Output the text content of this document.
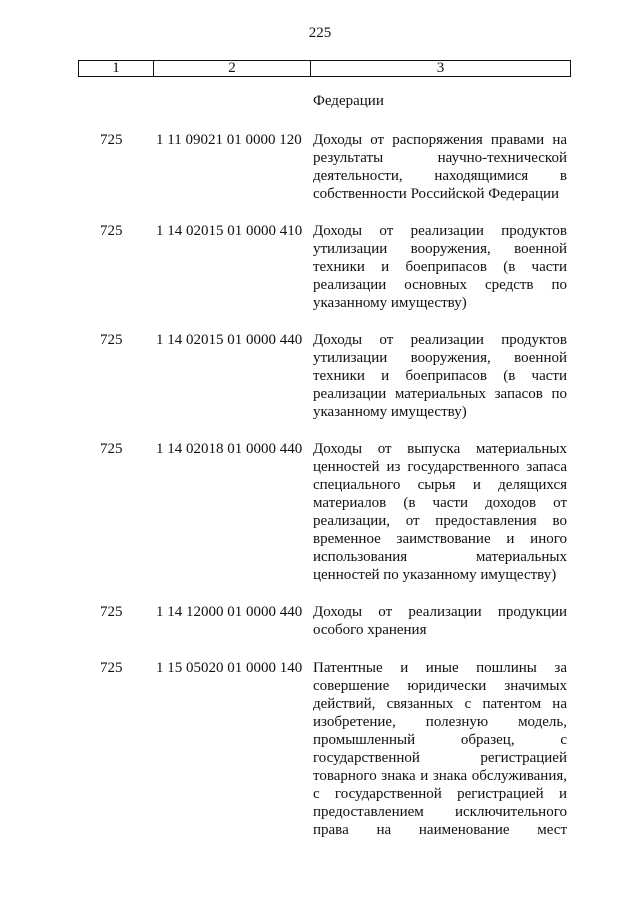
225
1	2	3
Федерации
725 1 11 09021 01 0000 120 Доходы от распоряжения правами на
результаты научно-технической
деятельности, находящимися в
собственности Российской Федерации
725 1 14 02015 01 0000 410 Доходы от реализации продуктов
утилизации вооружения, военной
техники и боеприпасов (в части
реализации основных средств по
указанному имуществу)
725 1 14 02015 01 0000 440 Доходы от реализации продуктов
утилизации вооружения, военной
техники и боеприпасов (в части
реализации материальных запасов по
указанному имуществу)
725 1 14 02018 01 0000 440 Доходы от выпуска материальных
ценностей из государственного запаса
специального сырья и делящихся
материалов (в части доходов от
реализации, от предоставления во
временное заимствование и иного
использования материальных
ценностей по указанному имуществу)
725 1 14 12000 01 0000 440 Доходы от реализации продукции
особого хранения
725 1 15 05020 01 0000 140 Патентные и иные пошлины за
совершение юридически значимых
действий, связанных с патентом на
изобретение, полезную модель,
промышленный образец, с
государственной регистрацией
товарного знака и знака обслуживания,
с государственной регистрацией и
предоставлением исключительного
права на наименование мест
